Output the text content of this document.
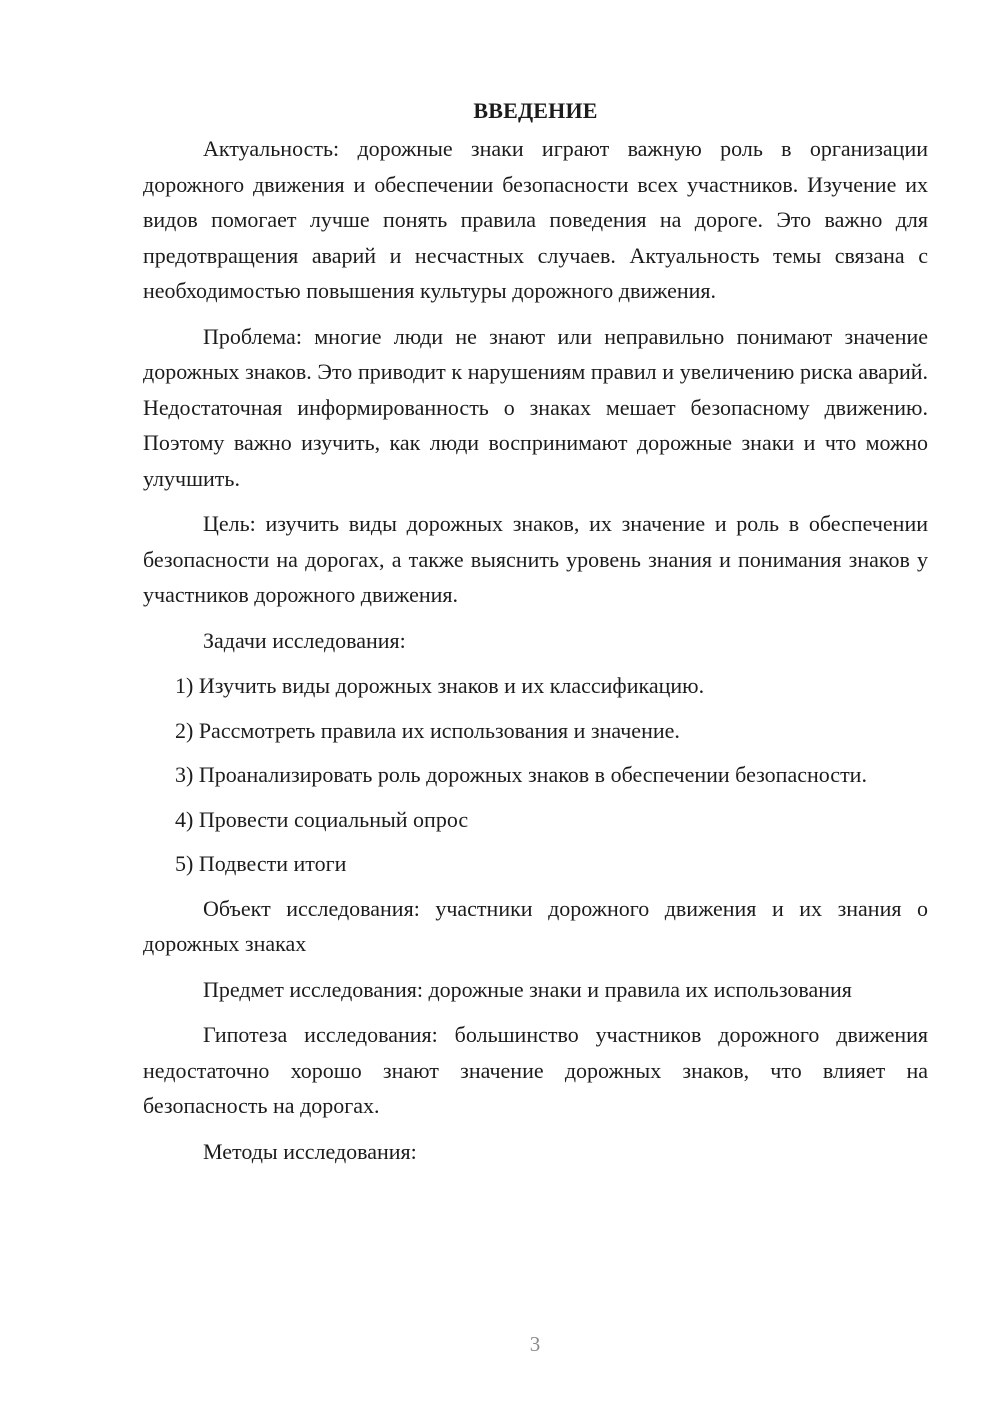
ВВЕДЕНИЕ

Актуальность: дорожные знаки играют важную роль в организации дорожного движения и обеспечении безопасности всех участников. Изучение их видов помогает лучше понять правила поведения на дороге. Это важно для предотвращения аварий и несчастных случаев. Актуальность темы связана с необходимостью повышения культуры дорожного движения.

Проблема: многие люди не знают или неправильно понимают значение дорожных знаков. Это приводит к нарушениям правил и увеличению риска аварий. Недостаточная информированность о знаках мешает безопасному движению. Поэтому важно изучить, как люди воспринимают дорожные знаки и что можно улучшить.

Цель: изучить виды дорожных знаков, их значение и роль в обеспечении безопасности на дорогах, а также выяснить уровень знания и понимания знаков у участников дорожного движения.

Задачи исследования:

1) Изучить виды дорожных знаков и их классификацию.

2) Рассмотреть правила их использования и значение.

3) Проанализировать роль дорожных знаков в обеспечении безопасности.

4) Провести социальный опрос

5) Подвести итоги

Объект исследования: участники дорожного движения и их знания о дорожных знаках

Предмет исследования: дорожные знаки и правила их использования

Гипотеза исследования: большинство участников дорожного движения недостаточно хорошо знают значение дорожных знаков, что влияет на безопасность на дорогах.

Методы исследования:

3
